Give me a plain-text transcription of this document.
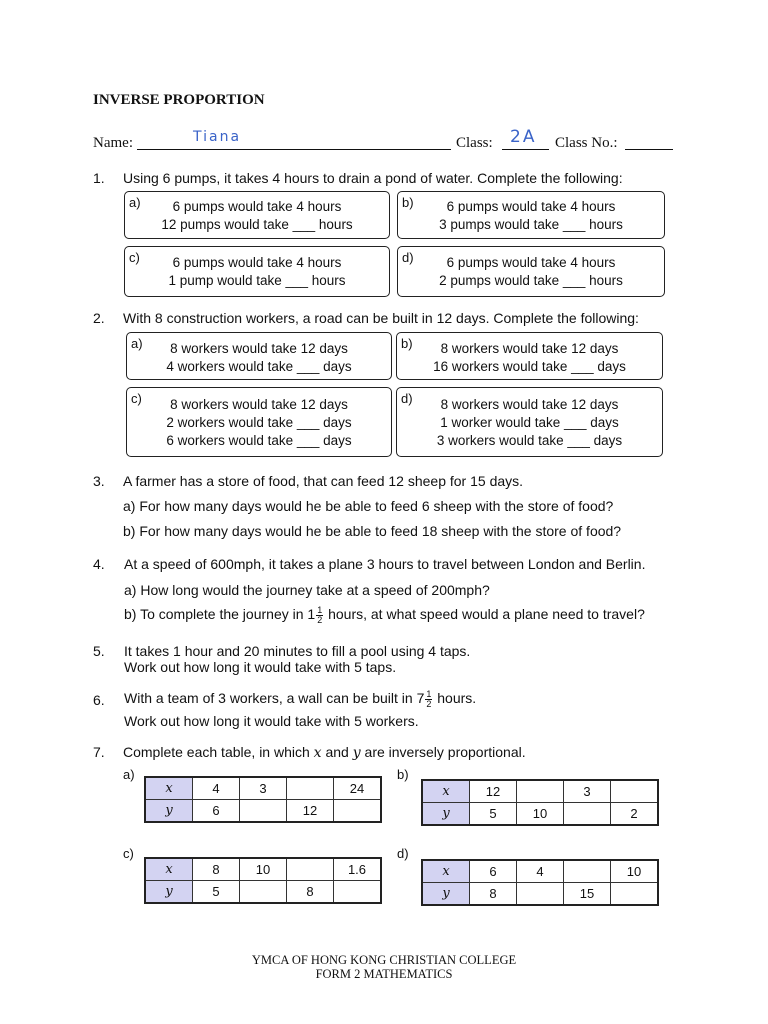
INVERSE PROPORTION
Name:	Tiana	Class: 2A Class No.:
1. Using 6 pumps, it takes 4 hours to drain a pond of water. Complete the following:
a)	6 pumps would take 4 hours
12 pumps would take ___ hours
b)	6 pumps would take 4 hours
3 pumps would take ___ hours
c)	6 pumps would take 4 hours
1 pump would take ___ hours
d)	6 pumps would take 4 hours
2 pumps would take ___ hours
2. With 8 construction workers, a road can be built in 12 days. Complete the following:
a)	8 workers would take 12 days
4 workers would take ___ days
b)	8 workers would take 12 days
16 workers would take ___ days
c)	8 workers would take 12 days
2 workers would take ___ days
6 workers would take ___ days
d)	8 workers would take 12 days
1 worker would take ___ days
3 workers would take ___ days
3. A farmer has a store of food, that can feed 12 sheep for 15 days.
a) For how many days would he be able to feed 6 sheep with the store of food?
b) For how many days would he be able to feed 18 sheep with the store of food?
4. At a speed of 600mph, it takes a plane 3 hours to travel between London and Berlin.
a) How long would the journey take at a speed of 200mph?
b) To complete the journey in $1 \frac{1}{2}$ hours, at what speed would a plane need to travel?
5. It takes 1 hour and 20 minutes to fill a pool using 4 taps.
Work out how long it would take with 5 taps.
6. With a team of 3 workers, a wall can be built in $7 \frac{1}{2}$ hours.
Work out how long it would take with 5 workers.
7. Complete each table, in which x and y are inversely proportional.
a)
x	4	3		24
y	6		12	
b)
x	12		3	
y	5	10		2
c)
x	8	10		1.6
y	5		8	
d)
x	6	4		10
y	8		15	
YMCA OF HONG KONG CHRISTIAN COLLEGE
FORM 2 MATHEMATICS
